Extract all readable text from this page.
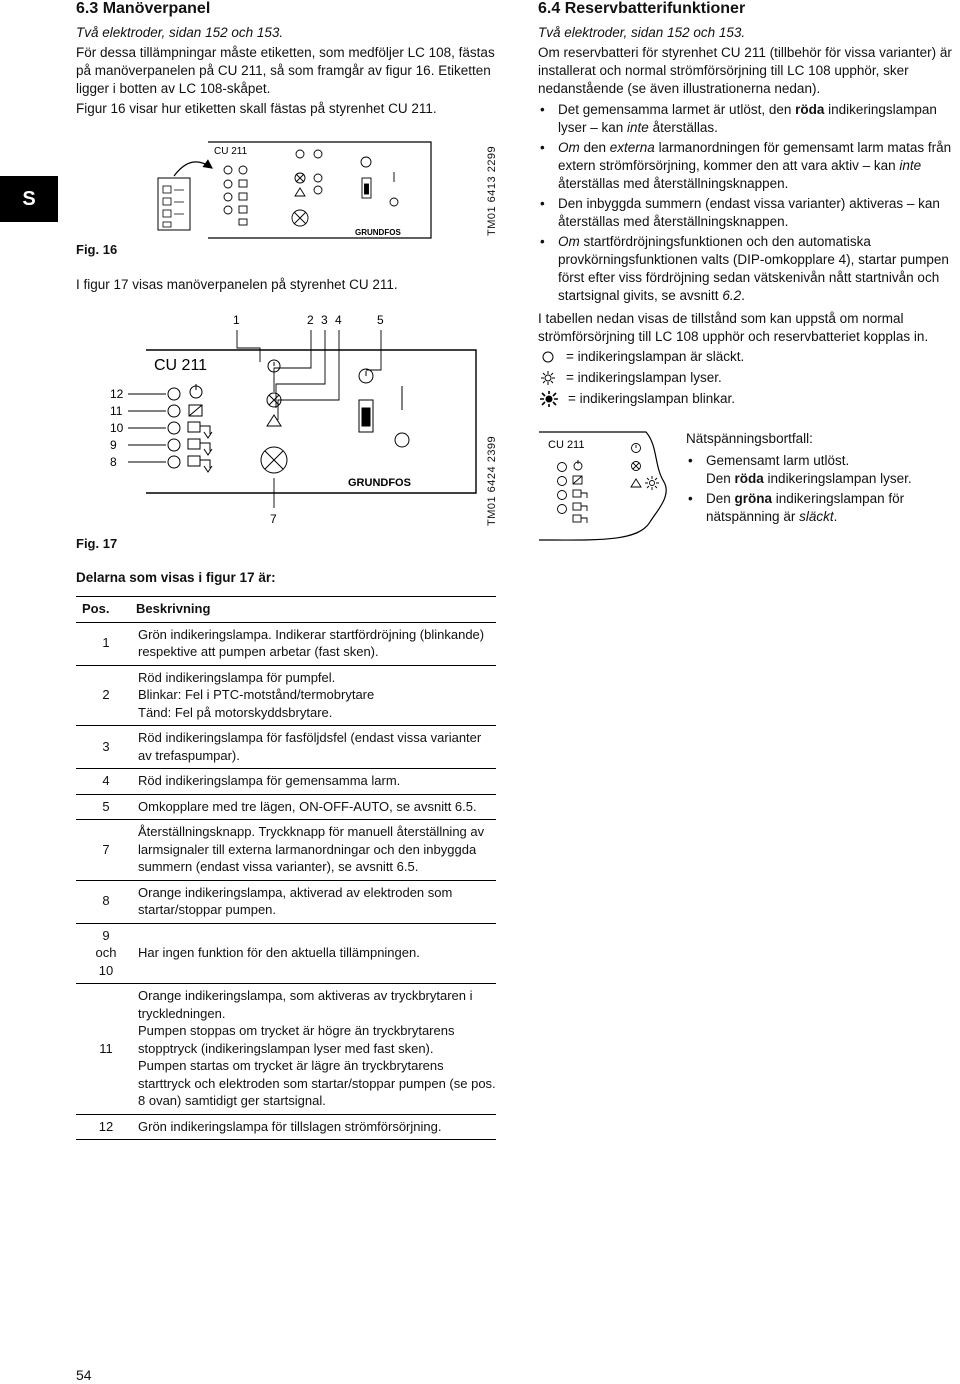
S
6.3 Manöverpanel
Två elektroder, sidan 152 och 153.
För dessa tillämpningar måste etiketten, som medföljer LC 108, fästas på manöverpanelen på CU 211, så som framgår av figur 16. Etiketten ligger i botten av LC 108-skåpet.
Figur 16 visar hur etiketten skall fästas på styrenhet CU 211.
CU 211
GRUNDFOS
Fig. 16
TM01 6413 2299
I figur 17 visas manöverpanelen på styrenhet CU 211.
1	2 3 4	5
12
11
10
9
8
7
CU 211
GRUNDFOS
Fig. 17
TM01 6424 2399
Delarna som visas i figur 17 är:
Pos.	Beskrivning
1	Grön indikeringslampa. Indikerar startfördröjning (blinkande) respektive att pumpen arbetar (fast sken).
2	Röd indikeringslampa för pumpfel.
Blinkar: Fel i PTC-motstånd/termobrytare
Tänd: Fel på motorskyddsbrytare.
3	Röd indikeringslampa för fasföljdsfel (endast vissa varianter av trefaspumpar).
4	Röd indikeringslampa för gemensamma larm.
5	Omkopplare med tre lägen, ON-OFF-AUTO, se avsnitt 6.5.
7	Återställningsknapp. Tryckknapp för manuell återställning av larmsignaler till externa larmanordningar och den inbyggda summern (endast vissa varianter), se avsnitt 6.5.
8	Orange indikeringslampa, aktiverad av elektroden som startar/stoppar pumpen.
9
och
10	Har ingen funktion för den aktuella tillämpningen.
11	Orange indikeringslampa, som aktiveras av tryckbrytaren i tryckledningen.
Pumpen stoppas om trycket är högre än tryckbrytarens stopptryck (indikeringslampan lyser med fast sken).
Pumpen startas om trycket är lägre än tryckbrytarens starttryck och elektroden som startar/stoppar pumpen (se pos. 8 ovan) samtidigt ger startsignal.
12	Grön indikeringslampa för tillslagen strömförsörjning.
54
6.4 Reservbatterifunktioner
Två elektroder, sidan 152 och 153.
Om reservbatteri för styrenhet CU 211 (tillbehör för vissa varianter) är installerat och normal strömförsörjning till LC 108 upphör, sker nedanstående (se även illustrationerna nedan).
• Det gemensamma larmet är utlöst, den röda indikeringslampan lyser – kan inte återställas.
• Om den externa larmanordningen för gemensamt larm matas från extern strömförsörjning, kommer den att vara aktiv – kan inte återställas med återställningsknappen.
• Den inbyggda summern (endast vissa varianter) aktiveras – kan återställas med återställningsknappen.
• Om startfördröjningsfunktionen och den automatiska provkörningsfunktionen valts (DIP-omkopplare 4), startar pumpen först efter viss fördröjning sedan vätskenivån nått startnivån och startsignal givits, se avsnitt 6.2.
I tabellen nedan visas de tillstånd som kan uppstå om normal strömförsörjning till LC 108 upphör och reservbatteriet kopplas in.
= indikeringslampan är släckt.
= indikeringslampan lyser.
= indikeringslampan blinkar.
CU 211	Nätspänningsbortfall:
• Gemensamt larm utlöst.
Den röda indikeringslampan lyser.
• Den gröna indikeringslampan för nätspänning är släckt.
